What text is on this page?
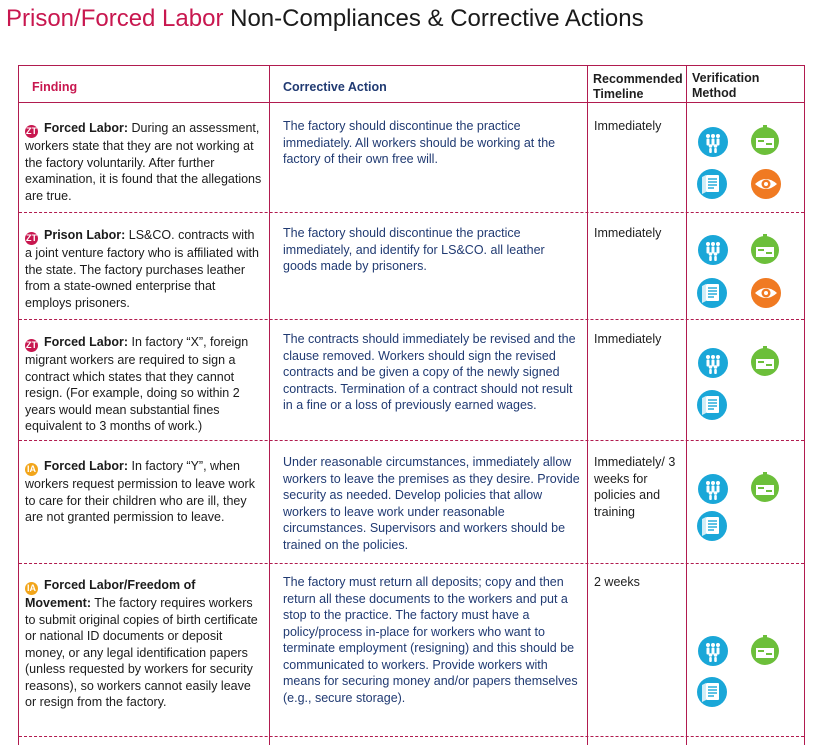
Prison/Forced Labor Non-Compliances & Corrective Actions
Finding	Corrective Action
Recommended
Timeline
Verification
Method
ZT Forced Labor: During an assessment, workers state that they are not working at the factory voluntarily. After further examination, it is found that the allegations are true.
The factory should discontinue the practice immediately. All workers should be working at the factory of their own free will.
Immediately
ZT Prison Labor: LS&CO. contracts with a joint venture factory who is affiliated with the state. The factory purchases leather from a state-owned enterprise that employs prisoners.
The factory should discontinue the practice immediately, and identify for LS&CO. all leather goods made by prisoners.
Immediately
ZT Forced Labor: In factory “X”, foreign migrant workers are required to sign a contract which states that they cannot resign. (For example, doing so within 2 years would mean substantial fines equivalent to 3 months of work.)
The contracts should immediately be revised and the clause removed. Workers should sign the revised contracts and be given a copy of the newly signed contracts. Termination of a contract should not result in a fine or a loss of previously earned wages.
Immediately
IA Forced Labor: In factory “Y”, when workers request permission to leave work to care for their children who are ill, they are not granted permission to leave.
Under reasonable circumstances, immediately allow workers to leave the premises as they desire. Provide security as needed. Develop policies that allow workers to leave work under reasonable circumstances. Supervisors and workers should be trained on the policies.
Immediately/ 3 weeks for policies and training
IA Forced Labor/Freedom of Movement: The factory requires workers to submit original copies of birth certificate or national ID documents or deposit money, or any legal identification papers (unless requested by workers for security reasons), so workers cannot easily leave or resign from the factory.
The factory must return all deposits; copy and then return all these documents to the workers and put a stop to the practice. The factory must have a policy/process in-place for workers who want to terminate employment (resigning) and this should be communicated to workers. Provide workers with means for securing money and/or papers themselves (e.g., secure storage).
2 weeks
